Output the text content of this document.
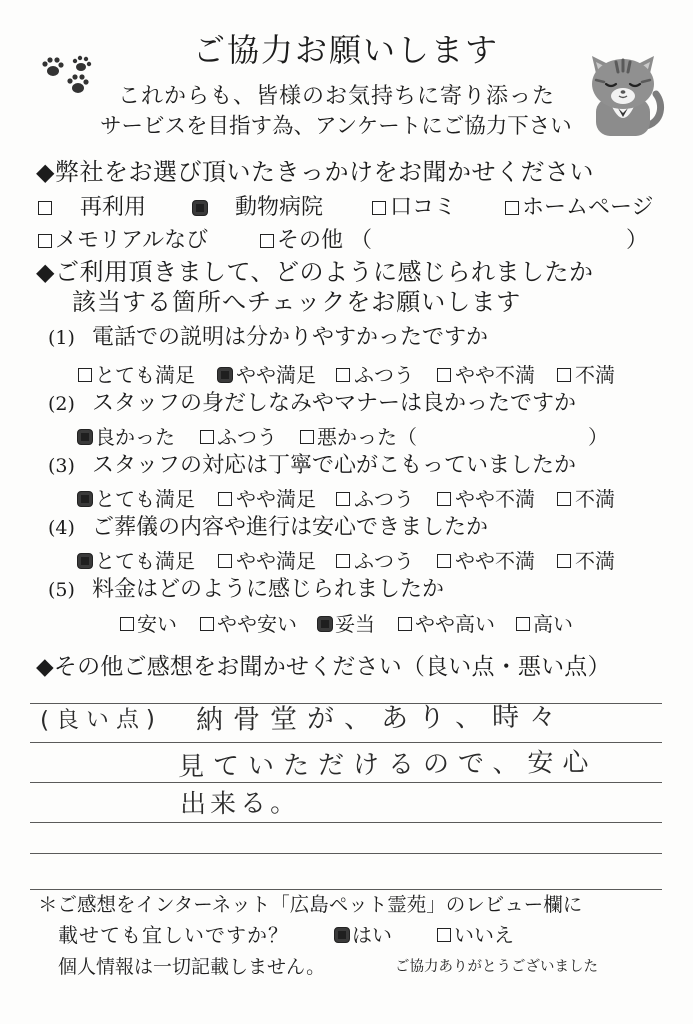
ご協力お願いします
これからも、皆様のお気持ちに寄り添った
サービスを目指す為、アンケートにご協力下さい
◆弊社をお選び頂いたきっかけをお聞かせください
再利用	動物病院	口コミ	ホームページ
メモリアルなび	その他 （	）
◆ご利用頂きまして、どのように感じられましたか
該当する箇所へチェックをお願いします
(1) 電話での説明は分かりやすかったですか
とても満足 やや満足 ふつう やや不満 不満
(2) スタッフの身だしなみやマナーは良かったですか
良かった ふつう 悪かった （	）
(3) スタッフの対応は丁寧で心がこもっていましたか
とても満足 やや満足 ふつう やや不満 不満
(4) ご葬儀の内容や進行は安心できましたか
とても満足 やや満足 ふつう やや不満 不満
(5) 料金はどのように感じられましたか
安い やや安い 妥当 やや高い 高い
◆その他ご感想をお聞かせください（良い点・悪い点）
(良い点) 納骨堂が、あり、時々
見ていただけるので、安心
出来る。
＊ご感想をインターネット「広島ペット霊苑」のレビュー欄に
載せても宜しいですか？	はい	いいえ
個人情報は一切記載しません。	ご協力ありがとうございました
